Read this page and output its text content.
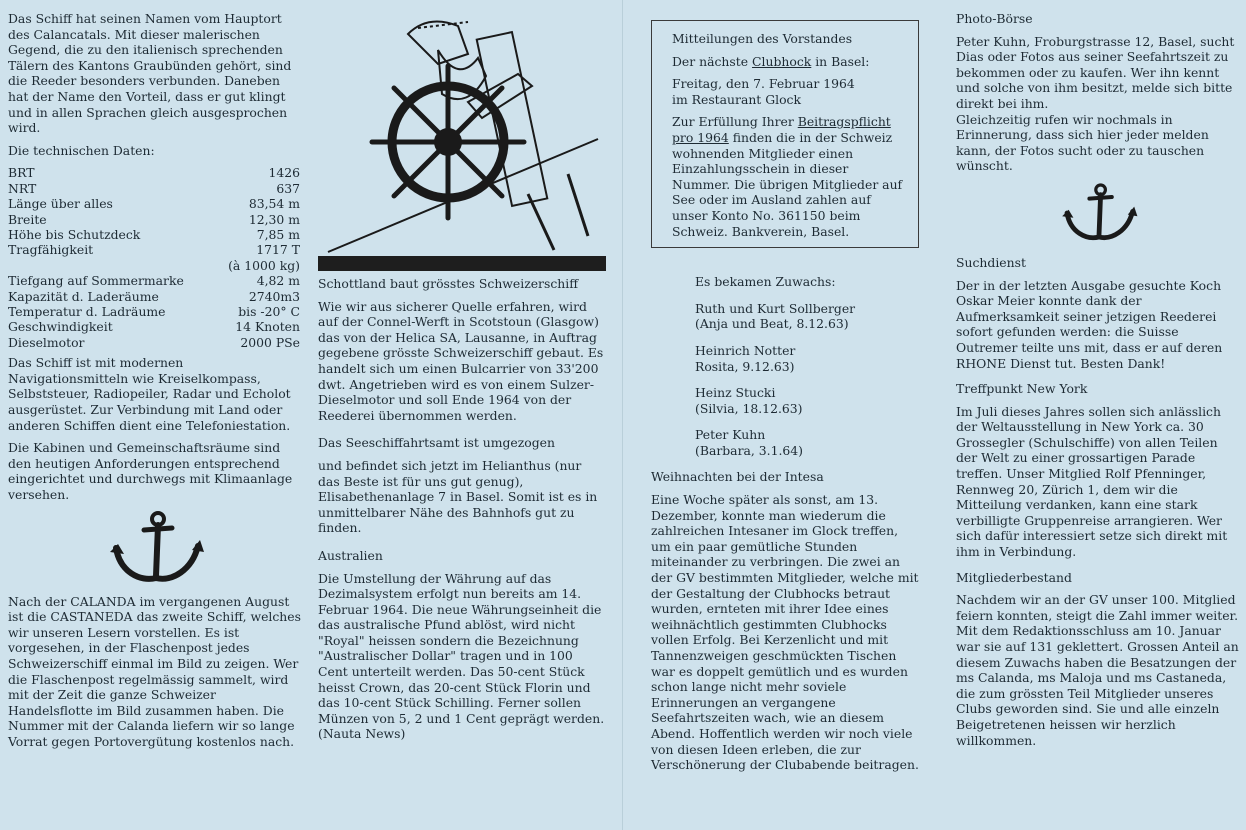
Das Schiff hat seinen Namen vom Hauptort des Calancatals. Mit dieser malerischen Gegend, die zu den italienisch sprechenden Tälern des Kantons Graubünden gehört, sind die Reeder besonders verbunden. Daneben hat der Name den Vorteil, dass er gut klingt und in allen Sprachen gleich ausgesprochen wird.

Die technischen Daten:

BRT	1426
NRT	637
Länge über alles	83,54 m
Breite	12,30 m
Höhe bis Schutzdeck	7,85 m
Tragfähigkeit	1717 T
	(à 1000 kg)
Tiefgang auf Sommermarke	4,82 m
Kapazität d. Laderäume	2740m3
Temperatur d. Ladräume	bis -20° C
Geschwindigkeit	14 Knoten
Dieselmotor	2000 PSe

Das Schiff ist mit modernen Navigationsmitteln wie Kreiselkompass, Selbststeuer, Radiopeiler, Radar und Echolot ausgerüstet. Zur Verbindung mit Land oder anderen Schiffen dient eine Telefoniestation.

Die Kabinen und Gemeinschaftsräume sind den heutigen Anforderungen entsprechend eingerichtet und durchwegs mit Klimaanlage versehen.

Nach der CALANDA im vergangenen August ist die CASTANEDA das zweite Schiff, welches wir unseren Lesern vorstellen. Es ist vorgesehen, in der Flaschenpost jedes Schweizerschiff einmal im Bild zu zeigen. Wer die Flaschenpost regelmässig sammelt, wird mit der Zeit die ganze Schweizer Handelsflotte im Bild zusammen haben. Die Nummer mit der Calanda liefern wir so lange Vorrat gegen Portovergütung kostenlos nach.

Schottland baut grösstes Schweizerschiff

Wie wir aus sicherer Quelle erfahren, wird auf der Connel-Werft in Scotstoun (Glasgow) das von der Helica SA, Lausanne, in Auftrag gegebene grösste Schweizerschiff gebaut. Es handelt sich um einen Bulcarrier von 33'200 dwt. Angetrieben wird es von einem Sulzer-Dieselmotor und soll Ende 1964 von der Reederei übernommen werden.

Das Seeschiffahrtsamt ist umgezogen

und befindet sich jetzt im Helianthus (nur das Beste ist für uns gut genug), Elisabethenanlage 7 in Basel. Somit ist es in unmittelbarer Nähe des Bahnhofs gut zu finden.

Australien

Die Umstellung der Währung auf das Dezimalsystem erfolgt nun bereits am 14. Februar 1964. Die neue Währungseinheit die das australische Pfund ablöst, wird nicht "Royal" heissen sondern die Bezeichnung "Australischer Dollar" tragen und in 100 Cent unterteilt werden. Das 50-cent Stück heisst Crown, das 20-cent Stück Florin und das 10-cent Stück Schilling. Ferner sollen Münzen von 5, 2 und 1 Cent geprägt werden. (Nauta News)

Mitteilungen des Vorstandes

Der nächste Clubhock in Basel:

Freitag, den 7. Februar 1964
im Restaurant Glock

Zur Erfüllung Ihrer Beitragspflicht pro 1964 finden die in der Schweiz wohnenden Mitglieder einen Einzahlungsschein in dieser Nummer. Die übrigen Mitglieder auf See oder im Ausland zahlen auf unser Konto No. 361150 beim Schweiz. Bankverein, Basel.

Es bekamen Zuwachs:

Ruth und Kurt Sollberger
(Anja und Beat, 8.12.63)

Heinrich Notter
Rosita, 9.12.63)

Heinz Stucki
(Silvia, 18.12.63)

Peter Kuhn
(Barbara, 3.1.64)

Weihnachten bei der Intesa

Eine Woche später als sonst, am 13. Dezember, konnte man wiederum die zahlreichen Intesaner im Glock treffen, um ein paar gemütliche Stunden miteinander zu verbringen. Die zwei an der GV bestimmten Mitglieder, welche mit der Gestaltung der Clubhocks betraut wurden, ernteten mit ihrer Idee eines weihnächtlich gestimmten Clubhocks vollen Erfolg. Bei Kerzenlicht und mit Tannenzweigen geschmückten Tischen war es doppelt gemütlich und es wurden schon lange nicht mehr soviele Erinnerungen an vergangene Seefahrtszeiten wach, wie an diesem Abend. Hoffentlich werden wir noch viele von diesen Ideen erleben, die zur Verschönerung der Clubabende beitragen.

Photo-Börse

Peter Kuhn, Froburgstrasse 12, Basel, sucht Dias oder Fotos aus seiner Seefahrtszeit zu bekommen oder zu kaufen. Wer ihn kennt und solche von ihm besitzt, melde sich bitte direkt bei ihm.

Gleichzeitig rufen wir nochmals in Erinnerung, dass sich hier jeder melden kann, der Fotos sucht oder zu tauschen wünscht.

Suchdienst

Der in der letzten Ausgabe gesuchte Koch Oskar Meier konnte dank der Aufmerksamkeit seiner jetzigen Reederei sofort gefunden werden: die Suisse Outremer teilte uns mit, dass er auf deren RHONE Dienst tut. Besten Dank!

Treffpunkt New York

Im Juli dieses Jahres sollen sich anlässlich der Weltausstellung in New York ca. 30 Grossegler (Schulschiffe) von allen Teilen der Welt zu einer grossartigen Parade treffen. Unser Mitglied Rolf Pfenninger, Rennweg 20, Zürich 1, dem wir die Mitteilung verdanken, kann eine stark verbilligte Gruppenreise arrangieren. Wer sich dafür interessiert setze sich direkt mit ihm in Verbindung.

Mitgliederbestand

Nachdem wir an der GV unser 100. Mitglied feiern konnten, steigt die Zahl immer weiter. Mit dem Redaktionsschluss am 10. Januar war sie auf 131 geklettert. Grossen Anteil an diesem Zuwachs haben die Besatzungen der ms Calanda, ms Maloja und ms Castaneda, die zum grössten Teil Mitglieder unseres Clubs geworden sind. Sie und alle einzeln Beigetretenen heissen wir herzlich willkommen.
